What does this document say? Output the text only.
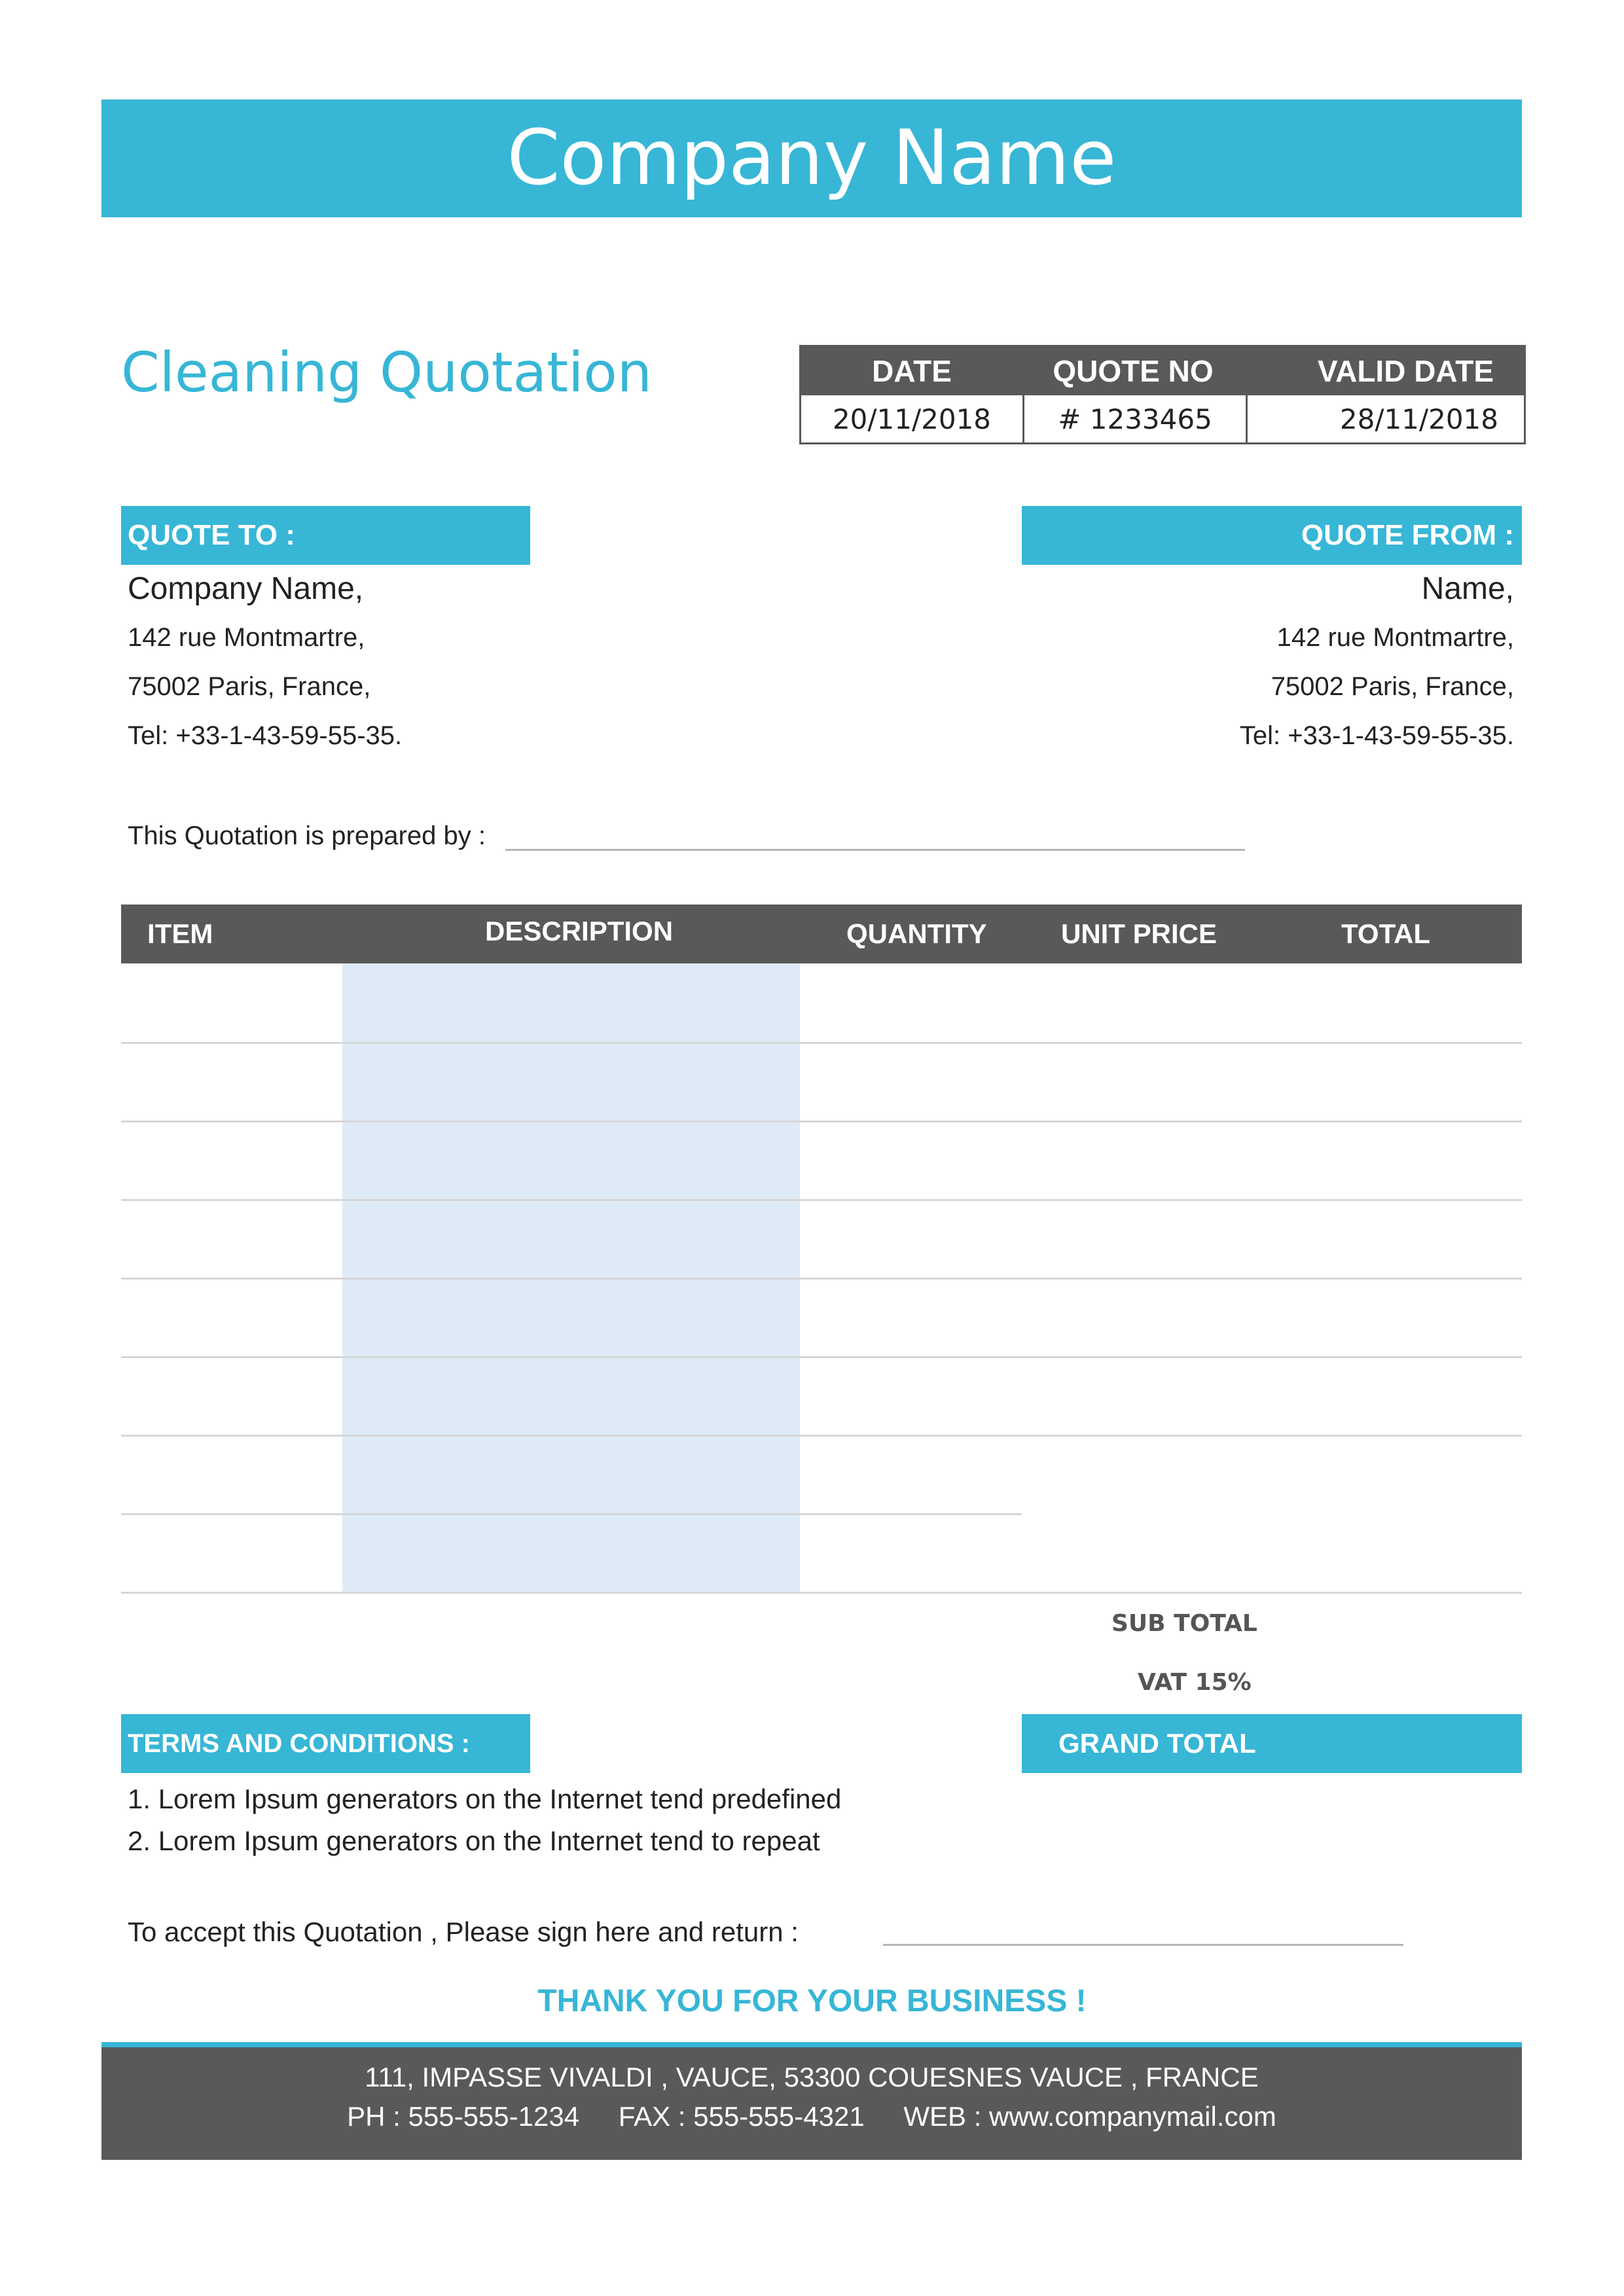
Company Name
Cleaning Quotation	DATE	QUOTE NO	VALID DATE
20/11/2018	# 1233465	28/11/2018
QUOTE TO :
Company Name,
142 rue Montmartre,
75002 Paris, France,
Tel: +33-1-43-59-55-35.
QUOTE FROM :
Name,
142 rue Montmartre,
75002 Paris, France,
Tel: +33-1-43-59-55-35.
This Quotation is prepared by :
ITEM	DESCRIPTION	QUANTITY	UNIT PRICE	TOTAL
SUB TOTAL
VAT 15%
TERMS AND CONDITIONS :	GRAND TOTAL
1. Lorem Ipsum generators on the Internet tend predefined
2. Lorem Ipsum generators on the Internet tend to repeat
To accept this Quotation , Please sign here and return :
THANK YOU FOR YOUR BUSINESS !
111, IMPASSE VIVALDI , VAUCE, 53300 COUESNES VAUCE , FRANCE
PH : 555-555-1234 FAX : 555-555-4321 WEB : www.companymail.com
